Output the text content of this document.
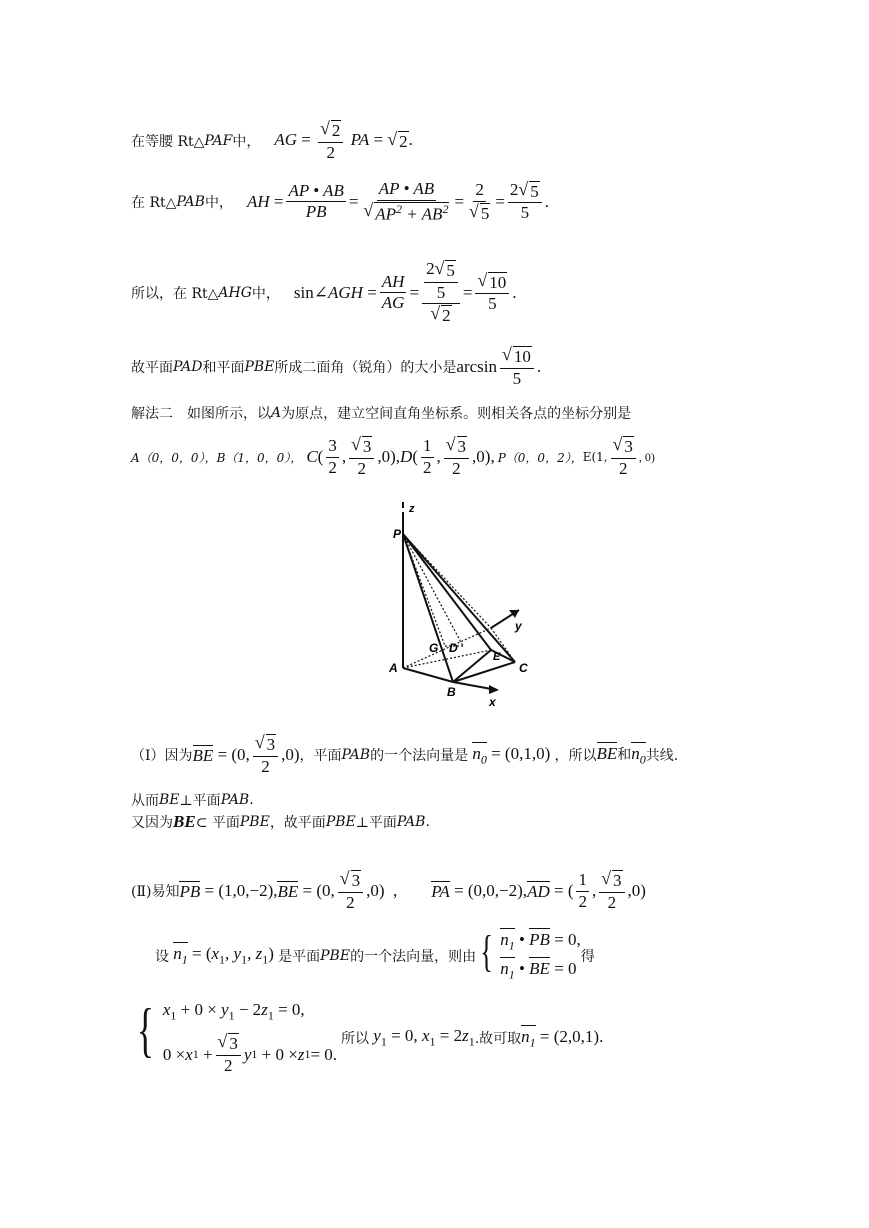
在等腰 Rt△ PAF 中， AG = $\frac{√ 2}{2}$ PA = √ 2 .
在 Rt△ PAB 中， AH = $\frac{AP • AB}{PB} = \frac{AP • AB}{√ AP^2 + AB^2} = \frac{2}{√ 5} = \frac{2 √ 5}{5}$ .
所以，在 Rt△ AHG 中， sin∠ AGH = $\frac{AH}{AG} = \frac{\frac{2 √ 5}{5}}{√ 2} = \frac{√ 10}{5}$ .
故平面 PAD 和平面 PBE 所成二面角（锐角）的大小是 $\arcsin \frac{√ 10}{5}$ .
解法二　如图所示，以 A 为原点，建立空间直角坐标系。则相关各点的坐标分别是
A（0，0，0）， B（1，0，0）， C ( $\frac{3}{2}$ , $\frac{√ 3}{2} ,0$), D ( $\frac{1}{2}$ , $\frac{√ 3}{2} ,0$), P（0，0，2）， E(1, $\frac{√ 3}{2}$ , 0)
P
z
y
G D
E
A
B
C
x
（Ⅰ）因为 BE = (0, $\frac{√ 3}{2} ,0$) ，平面 PAB 的一个法向量是 $n_0 = (0,1,0)$ ，所以 BE和$n_0$ 共线.
从而 BE ⊥平面 PAB.
又因为 BE ⊂ 平面 PBE ，故平面 PBE ⊥平面 PAB.
(Ⅱ)易知 PB = (1,0,−2), BE = (0, $\frac{√ 3}{2} ,0$)  , PA = (0,0,−2), AD = ( $\frac{1}{2}$ , $\frac{√ 3}{2} ,0$)
设 $n_1 = (x_1$, $y_1$, $z_1$) 是平面 PBE 的一个法向量，则由 { $n_1$ • PB = 0,
$n_1$ • BE = 0
得
{ $x_1 + 0 \times y_1 - 2z_1 = 0$,
0 × x $1 + \frac{√ 3}{2}$ y 1 + 0 × z 1 = 0.
所以 $y_1 = 0$, $x_1 = 2z_1$ .故可取 $n_1 = (2,0,1)$.
